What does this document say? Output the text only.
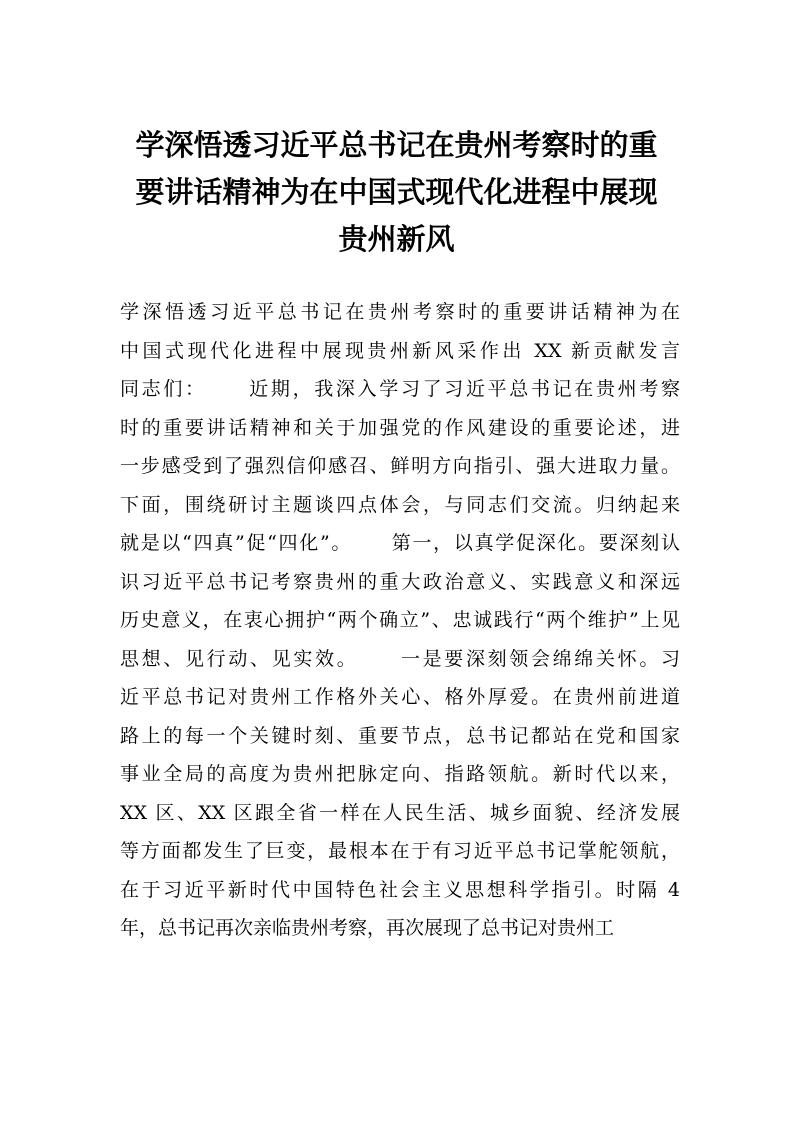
学深悟透习近平总书记在贵州考察时的重
要讲话精神为在中国式现代化进程中展现
贵州新风
学深悟透习近平总书记在贵州考察时的重要讲话精神为在
中国式现代化进程中展现贵州新风采作出 XX 新贡献发言
同志们：　　 近期，我深入学习了习近平总书记在贵州考察
时的重要讲话精神和关于加强党的作风建设的重要论述，进
一步感受到了强烈信仰感召、鲜明方向指引、强大进取力量。
下面，围绕研讨主题谈四点体会，与同志们交流。归纳起来
就是以“四真”促“四化”。　　 第一，以真学促深化。要深刻认
识习近平总书记考察贵州的重大政治意义、实践意义和深远
历史意义，在衷心拥护“两个确立”、忠诚践行“两个维护”上见
思想、见行动、见实效。　　 一是要深刻领会绵绵关怀。习
近平总书记对贵州工作格外关心、格外厚爱。在贵州前进道
路上的每一个关键时刻、重要节点，总书记都站在党和国家
事业全局的高度为贵州把脉定向、指路领航。新时代以来，
XX 区、XX 区跟全省一样在人民生活、城乡面貌、经济发展
等方面都发生了巨变，最根本在于有习近平总书记掌舵领航，
在于习近平新时代中国特色社会主义思想科学指引。时隔 4
年，总书记再次亲临贵州考察，再次展现了总书记对贵州工
